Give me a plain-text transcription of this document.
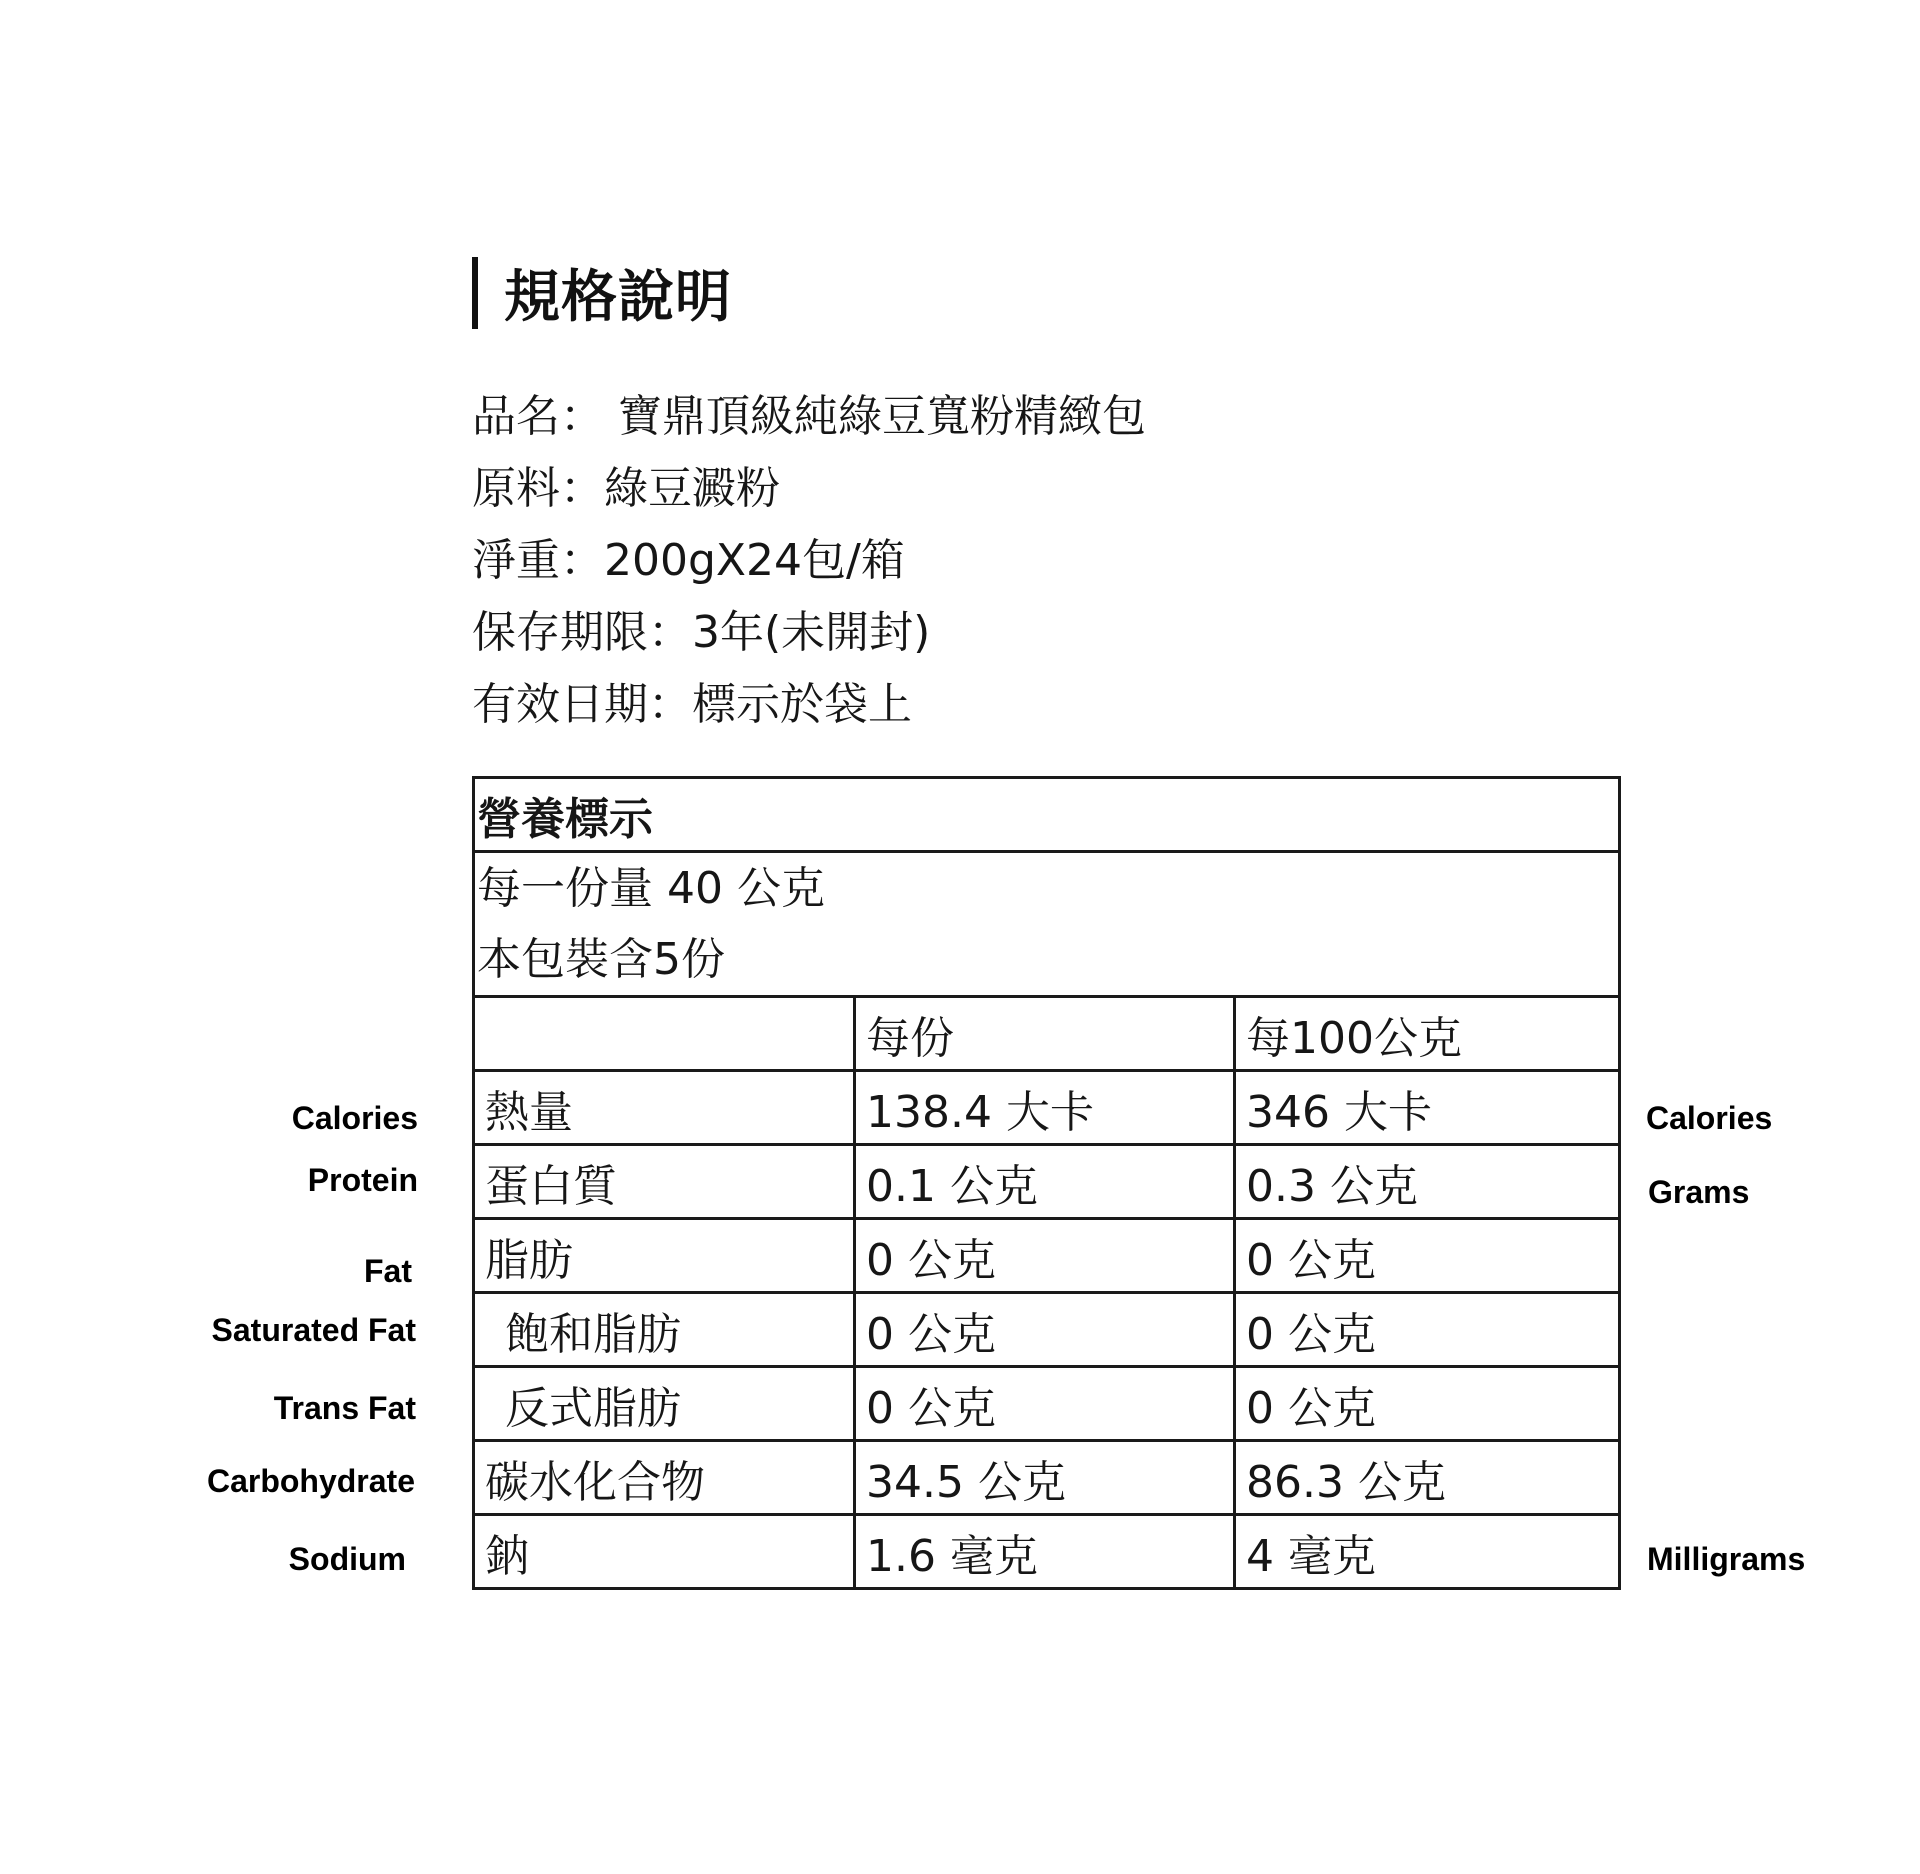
規格說明
品名： 寶鼎頂級純綠豆寬粉精緻包
原料：綠豆澱粉
淨重：200gX24包/箱
保存期限：3年(未開封)
有效日期：標示於袋上
營養標示		

每一份量 40 公克
本包裝含5份		

	每份	每100公克
熱量	138.4 大卡	346 大卡
蛋白質	0.1 公克	0.3 公克
脂肪	0 公克	0 公克
飽和脂肪	0 公克	0 公克
反式脂肪	0 公克	0 公克
碳水化合物	34.5 公克	86.3 公克
鈉	1.6 毫克	4 毫克
Calories
Protein
Fat
Saturated Fat
Trans Fat
Carbohydrate
Sodium
Calories
Grams
Milligrams
